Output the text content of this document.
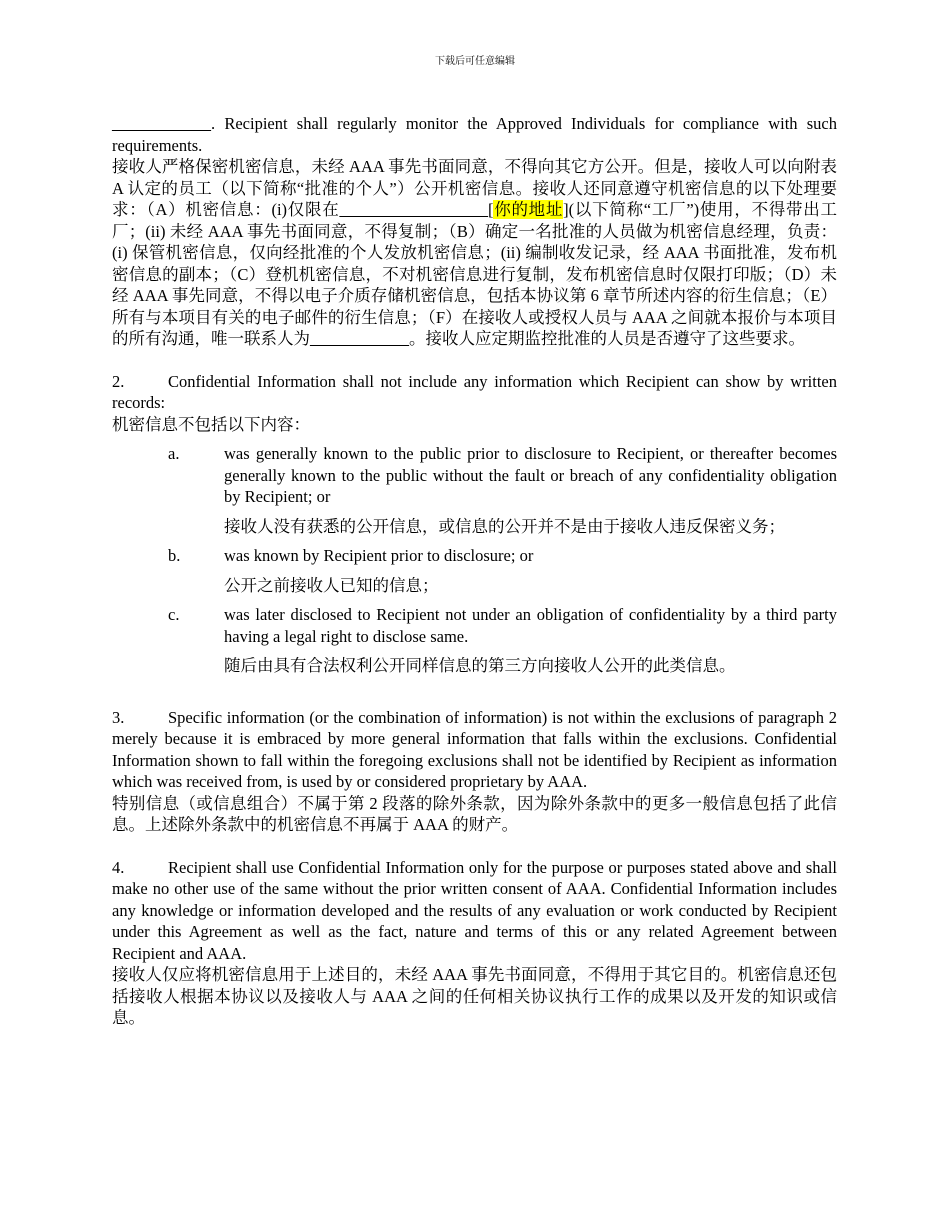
下载后可任意编辑

____________. Recipient shall regularly monitor the Approved Individuals for compliance with such requirements.

接收人严格保密机密信息，未经 AAA 事先书面同意，不得向其它方公开。但是，接收人可以向附表 A 认定的员工（以下简称“批准的个人”）公开机密信息。接收人还同意遵守机密信息的以下处理要求：（A）机密信息：(i)仅限在__________________[你的地址](以下简称“工厂”)使用，不得带出工厂；(ii) 未经 AAA 事先书面同意，不得复制；（B）确定一名批准的人员做为机密信息经理，负责：(i) 保管机密信息，仅向经批准的个人发放机密信息；(ii) 编制收发记录，经 AAA 书面批准，发布机密信息的副本；（C）登机机密信息，不对机密信息进行复制，发布机密信息时仅限打印版；（D）未经 AAA 事先同意，不得以电子介质存储机密信息，包括本协议第 6 章节所述内容的衍生信息；（E）所有与本项目有关的电子邮件的衍生信息；（F）在接收人或授权人员与 AAA 之间就本报价与本项目的所有沟通，唯一联系人为____________。接收人应定期监控批准的人员是否遵守了这些要求。

2.	Confidential Information shall not include any information which Recipient can show by written records:

机密信息不包括以下内容：

a.	was generally known to the public prior to disclosure to Recipient, or thereafter becomes generally known to the public without the fault or breach of any confidentiality obligation by Recipient; or

接收人没有获悉的公开信息，或信息的公开并不是由于接收人违反保密义务；

b.	was known by Recipient prior to disclosure; or

公开之前接收人已知的信息；

c.	was later disclosed to Recipient not under an obligation of confidentiality by a third party having a legal right to disclose same.

随后由具有合法权利公开同样信息的第三方向接收人公开的此类信息。

3.	Specific information (or the combination of information) is not within the exclusions of paragraph 2 merely because it is embraced by more general information that falls within the exclusions. Confidential Information shown to fall within the foregoing exclusions shall not be identified by Recipient as information which was received from, is used by or considered proprietary by AAA.

特别信息（或信息组合）不属于第 2 段落的除外条款，因为除外条款中的更多一般信息包括了此信息。上述除外条款中的机密信息不再属于 AAA 的财产。

4.	Recipient shall use Confidential Information only for the purpose or purposes stated above and shall make no other use of the same without the prior written consent of AAA. Confidential Information includes any knowledge or information developed and the results of any evaluation or work conducted by Recipient under this Agreement as well as the fact, nature and terms of this or any related Agreement between Recipient and AAA.

接收人仅应将机密信息用于上述目的，未经 AAA 事先书面同意，不得用于其它目的。机密信息还包括接收人根据本协议以及接收人与 AAA 之间的任何相关协议执行工作的成果以及开发的知识或信息。
